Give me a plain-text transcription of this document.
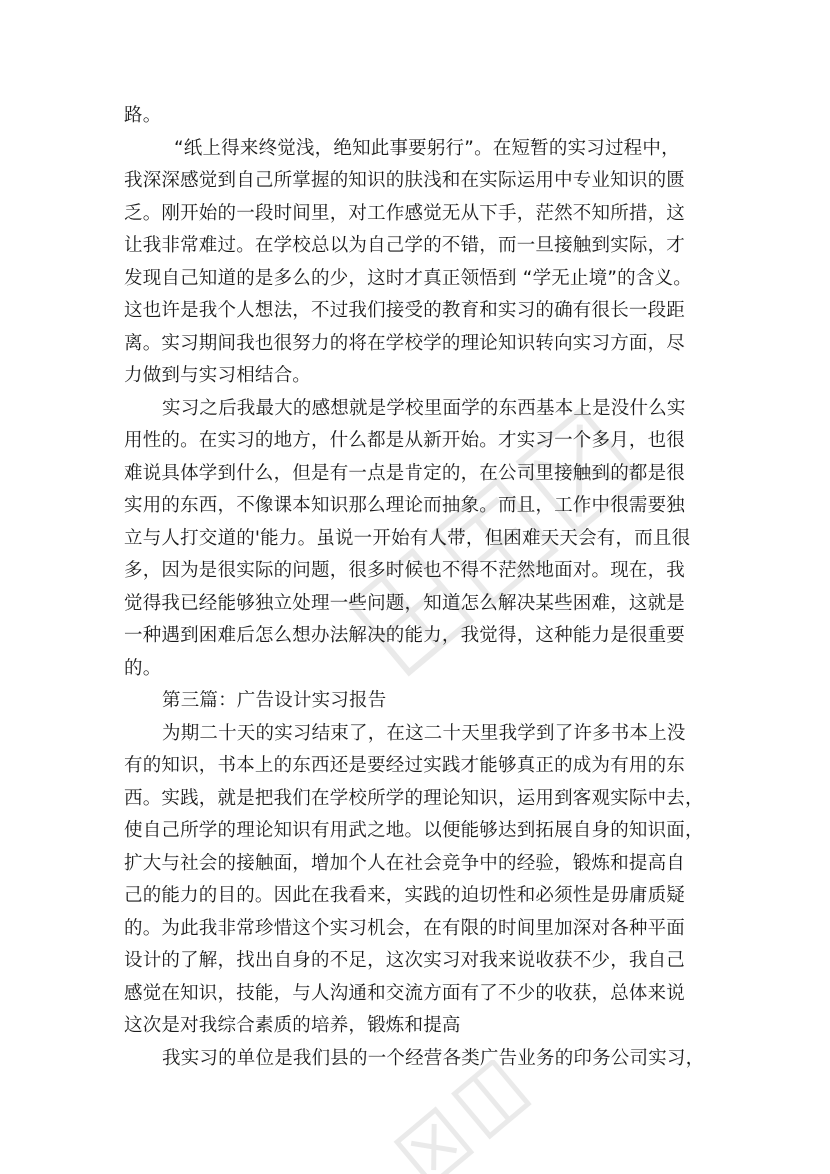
路。
“纸上得来终觉浅，绝知此事要躬行”。在短暂的实习过程中，
我深深感觉到自己所掌握的知识的肤浅和在实际运用中专业知识的匮
乏。刚开始的一段时间里，对工作感觉无从下手，茫然不知所措，这
让我非常难过。在学校总以为自己学的不错，而一旦接触到实际，才
发现自己知道的是多么的少，这时才真正领悟到 “学无止境”的含义。
这也许是我个人想法，不过我们接受的教育和实习的确有很长一段距
离。实习期间我也很努力的将在学校学的理论知识转向实习方面，尽
力做到与实习相结合。
实习之后我最大的感想就是学校里面学的东西基本上是没什么实
用性的。在实习的地方，什么都是从新开始。才实习一个多月，也很
难说具体学到什么，但是有一点是肯定的，在公司里接触到的都是很
实用的东西，不像课本知识那么理论而抽象。而且，工作中很需要独
立与人打交道的'能力。虽说一开始有人带，但困难天天会有，而且很
多，因为是很实际的问题，很多时候也不得不茫然地面对。现在，我
觉得我已经能够独立处理一些问题，知道怎么解决某些困难，这就是
一种遇到困难后怎么想办法解决的能力，我觉得，这种能力是很重要
的。
第三篇：广告设计实习报告
为期二十天的实习结束了，在这二十天里我学到了许多书本上没
有的知识，书本上的东西还是要经过实践才能够真正的成为有用的东
西。实践，就是把我们在学校所学的理论知识，运用到客观实际中去，
使自己所学的理论知识有用武之地。以便能够达到拓展自身的知识面，
扩大与社会的接触面，增加个人在社会竞争中的经验，锻炼和提高自
己的能力的目的。因此在我看来，实践的迫切性和必须性是毋庸质疑
的。为此我非常珍惜这个实习机会，在有限的时间里加深对各种平面
设计的了解，找出自身的不足，这次实习对我来说收获不少，我自己
感觉在知识，技能，与人沟通和交流方面有了不少的收获，总体来说
这次是对我综合素质的培养，锻炼和提高
我实习的单位是我们县的一个经营各类广告业务的印务公司实习，
